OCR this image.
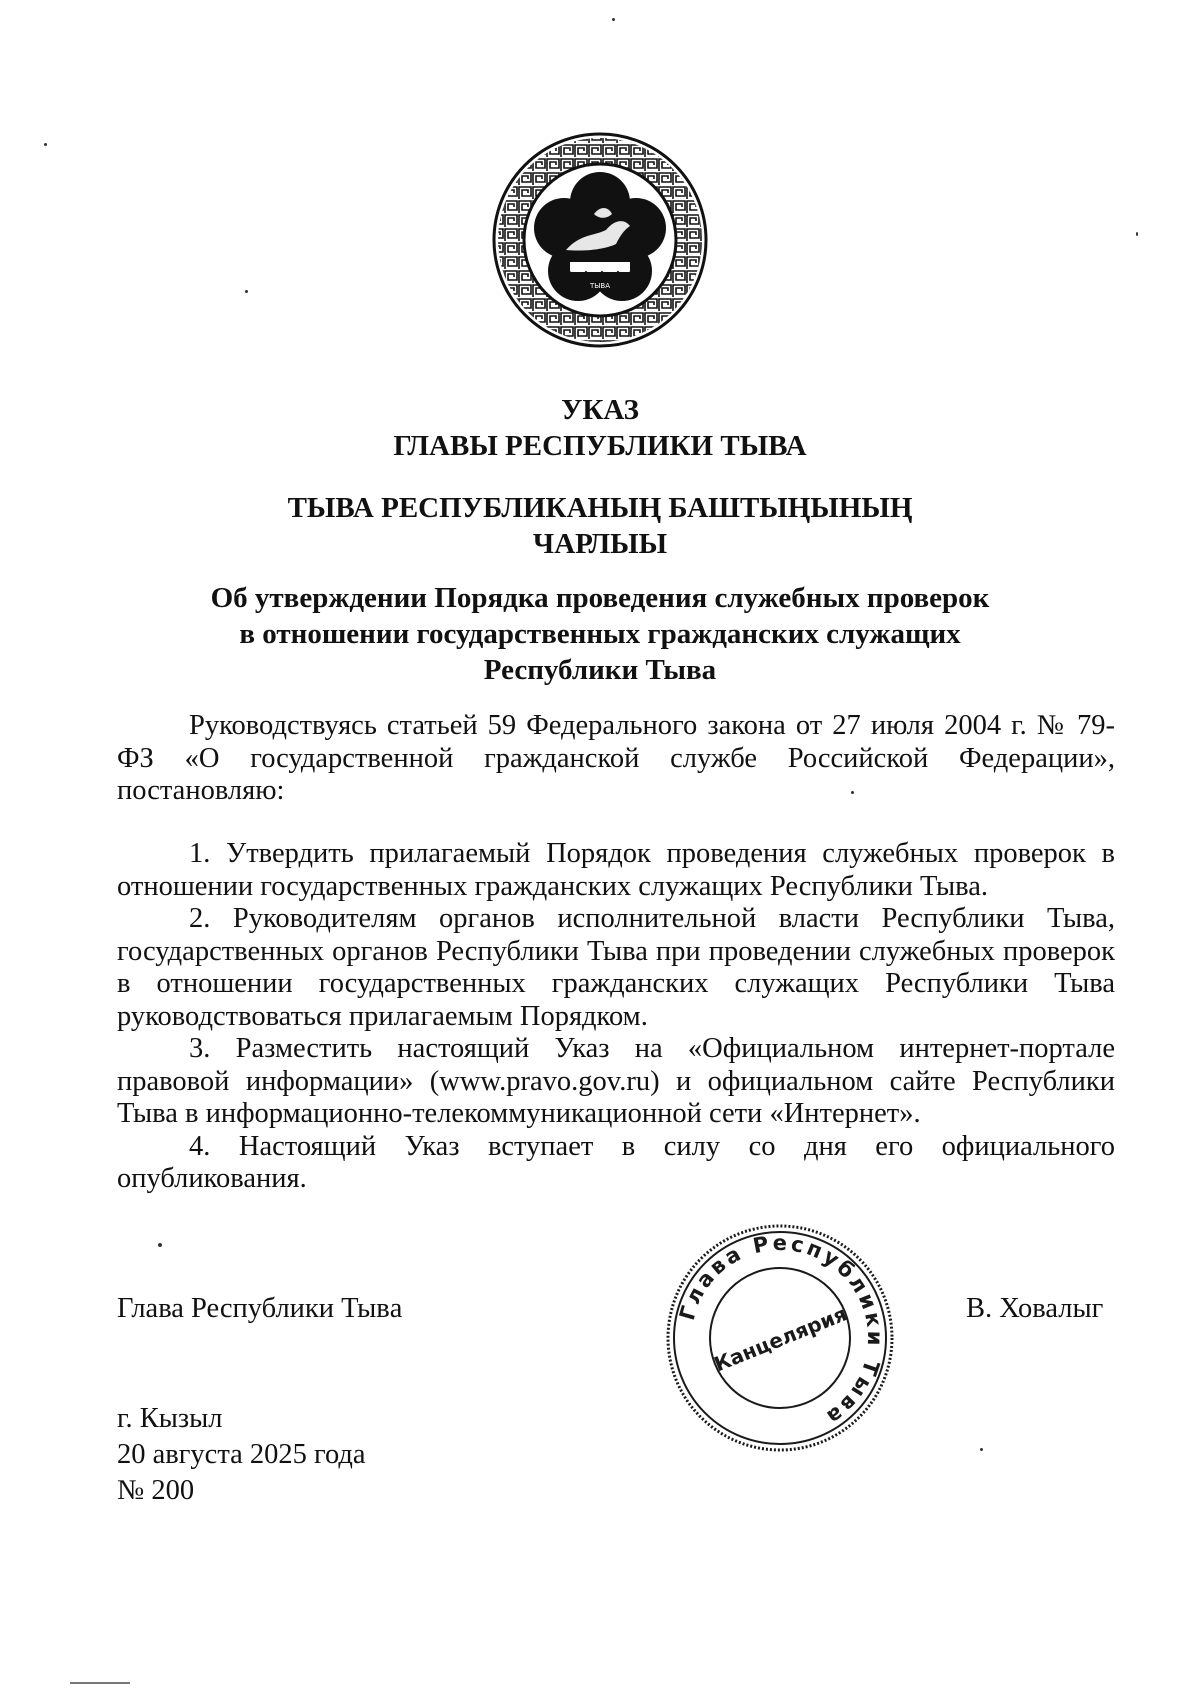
ТЫВА
УКАЗ
ГЛАВЫ РЕСПУБЛИКИ ТЫВА
ТЫВА РЕСПУБЛИКАНЫҢ БАШТЫҢЫНЫҢ
ЧАРЛЫЫ
Об утверждении Порядка проведения служебных проверок
в отношении государственных гражданских служащих
Республики Тыва

Руководствуясь статьей 59 Федерального закона от 27 июля 2004 г. № 79-ФЗ «О государственной гражданской службе Российской Федерации», постановляю:

1. Утвердить прилагаемый Порядок проведения служебных проверок в отношении государственных гражданских служащих Республики Тыва.

2. Руководителям органов исполнительной власти Республики Тыва, государственных органов Республики Тыва при проведении служебных проверок в отношении государственных гражданских служащих Республики Тыва руководствоваться прилагаемым Порядком.

3. Разместить настоящий Указ на «Официальном интернет-портале правовой информации» (www.pravo.gov.ru) и официальном сайте Республики Тыва в информационно-телекоммуникационной сети «Интернет».

4. Настоящий Указ вступает в силу со дня его официального опубликования.

Глава Республики Тывa	В. Ховалыг
Глава Республики Тыва
Канцелярия
г. Кызыл
20 августа 2025 года
№ 200
